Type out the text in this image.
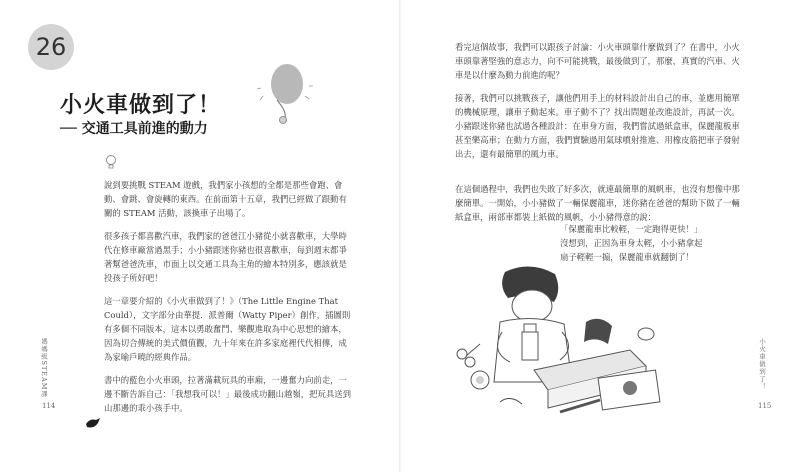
26
小火車做到了！
── 交通工具前進的動力

說到要挑戰 STEAM 遊戲，我們家小孩想的全都是那些會跑、會動、會跳、會旋轉的東西。在前面第十五章，我們已經做了跟動有關的 STEAM 活動，該換車子出場了。

很多孩子都喜歡汽車，我們家的爸爸江小豬從小就喜歡車，大學時代在修車廠當過黑手；小小豬跟迷你豬也很喜歡車，每到週末都爭著幫爸爸洗車，市面上以交通工具為主角的繪本特別多，應該就是投孩子所好吧！

這一章要介紹的《小火車做到了！》（The Little Engine That Could），文字部分由華提．派普爾（Watty Piper）創作，插圖則有多個不同版本，這本以勇敢奮鬥、樂觀進取為中心思想的繪本，因為切合傳統的美式價值觀，九十年來在許多家庭裡代代相傳，成為家喻戶曉的經典作品。

書中的藍色小火車頭，拉著滿載玩具的車廂，一邊奮力向前走，一邊不斷告訴自己：「我想我可以！」最後成功翻山越嶺，把玩具送到山那邊的乖小孩手中。

媽媽級STEAM課
114

看完這個故事，我們可以跟孩子討論：小火車頭靠什麼做到了？在書中，小火車頭靠著堅強的意志力，向不可能挑戰，最後做到了，那麼，真實的汽車、火車是以什麼為動力前進的呢？

接著，我們可以挑戰孩子，讓他們用手上的材料設計出自己的車，並應用簡單的機械原理，讓車子動起來。車子動不了？找出問題並改進設計，再試一次。小豬跟迷你豬也試過各種設計：在車身方面，我們嘗試過紙盒車，保麗龍板車甚至樂高車；在動力方面，我們實驗過用氣球噴射推進、用橡皮筋把車子發射出去，還有最簡單的風力車。

在這個過程中，我們也失敗了好多次，就連最簡單的風帆車，也沒有想像中那麼簡單。一開始，小小豬做了一輛保麗龍車，迷你豬在爸爸的幫助下做了一輛紙盒車，兩部車都裝上紙做的風帆，小小豬得意的說：

「保麗龍車比較輕，一定跑得更快！」
沒想到，正因為車身太輕，小小豬拿起
扇子輕輕一搧，保麗龍車就翻倒了！
小火車做到了！
115
